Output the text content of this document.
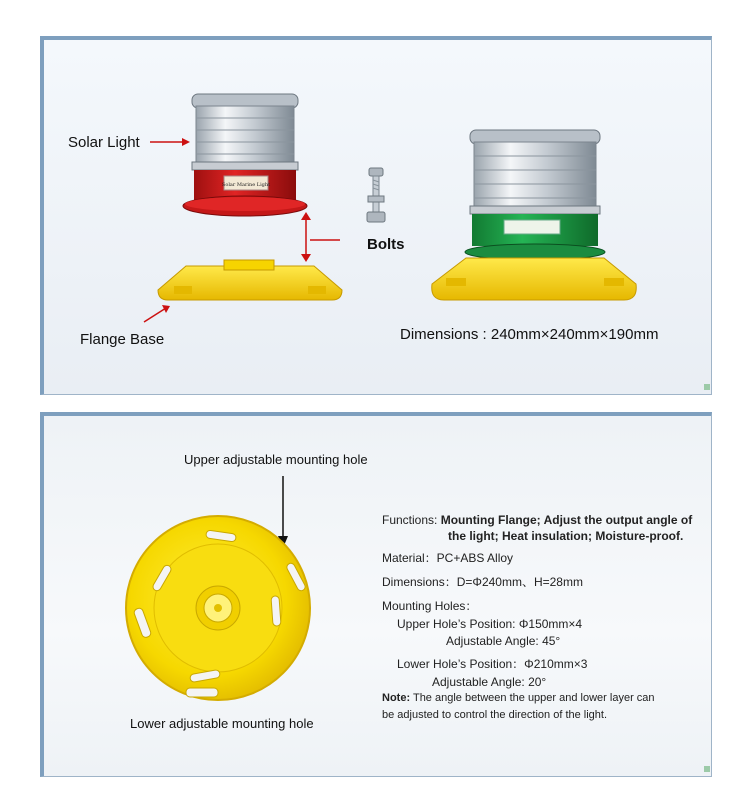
Solar Marine Light
Solar Light
Bolts
Flange Base	Dimensions : 240mm×240mm×190mm
Upper adjustable mounting hole
Lower adjustable mounting hole
Functions: Mounting Flange; Adjust the output angle of
the light; Heat insulation; Moisture-proof.
Material：PC+ABS Alloy
Dimensions：D=Φ240mm、H=28mm
Mounting Holes：
Upper Hole’s Position: Φ150mm×4
Adjustable Angle: 45°
Lower Hole’s Position：Φ210mm×3
Adjustable Angle: 20°
Note: The angle between the upper and lower layer can
be adjusted to control the direction of the light.
